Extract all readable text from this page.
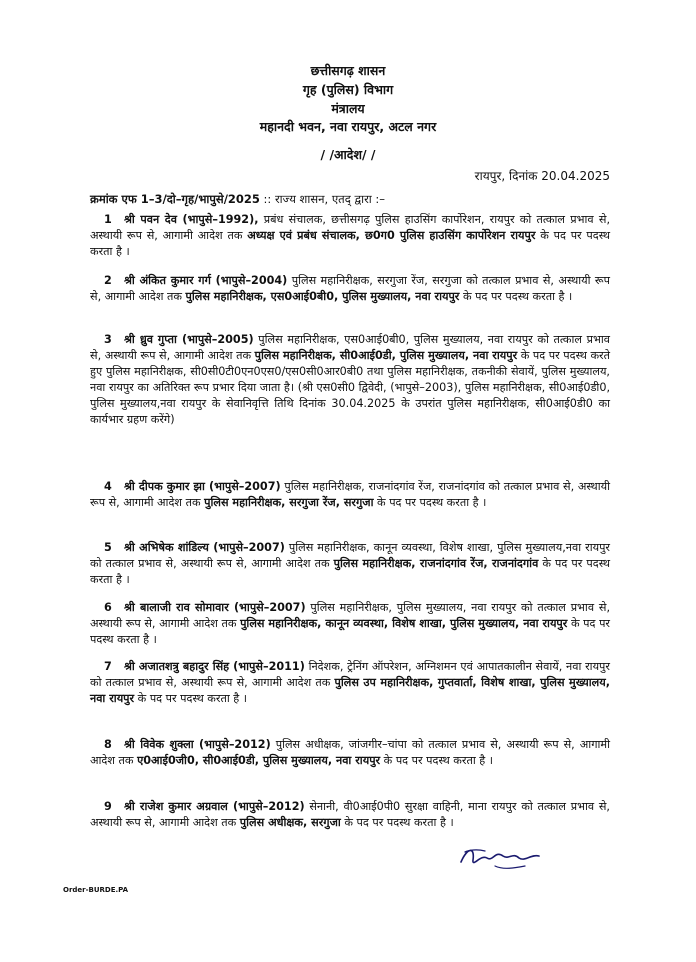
छत्तीसगढ़ शासन
गृह (पुलिस) विभाग
मंत्रालय
महानदी भवन, नवा रायपुर, अटल नगर
/ /आदेश/ /
रायपुर, दिनांक 20.04.2025
क्रमांक एफ 1–3/दो–गृह/भापुसे/2025 :: राज्य शासन, एतद् द्वारा :–

1 श्री पवन देव (भापुसे–1992), प्रबंध संचालक, छत्तीसगढ़ पुलिस हाउसिंग कार्पोरेशन, रायपुर को तत्काल प्रभाव से, अस्थायी रूप से, आगामी आदेश तक अध्यक्ष एवं प्रबंध संचालक, छ0ग0 पुलिस हाउसिंग कार्पोरेशन रायपुर के पद पर पदस्थ करता है ।

2 श्री अंकित कुमार गर्ग (भापुसे–2004) पुलिस महानिरीक्षक, सरगुजा रेंज, सरगुजा को तत्काल प्रभाव से, अस्थायी रूप से, आगामी आदेश तक पुलिस महानिरीक्षक, एस0आई0बी0, पुलिस मुख्यालय, नवा रायपुर के पद पर पदस्थ करता है ।

3 श्री ध्रुव गुप्ता (भापुसे–2005) पुलिस महानिरीक्षक, एस0आई0बी0, पुलिस मुख्यालय, नवा रायपुर को तत्काल प्रभाव से, अस्थायी रूप से, आगामी आदेश तक पुलिस महानिरीक्षक, सी0आई0डी, पुलिस मुख्यालय, नवा रायपुर के पद पर पदस्थ करते हुए पुलिस महानिरीक्षक, सी0सी0टी0एन0एस0/एस0सी0आर0बी0 तथा पुलिस महानिरीक्षक, तकनीकी सेवायें, पुलिस मुख्यालय, नवा रायपुर का अतिरिक्त रूप प्रभार दिया जाता है। (श्री एस0सी0 द्विवेदी, (भापुसे–2003), पुलिस महानिरीक्षक, सी0आई0डी0, पुलिस मुख्यालय,नवा रायपुर के सेवानिवृत्ति तिथि दिनांक 30.04.2025 के उपरांत पुलिस महानिरीक्षक, सी0आई0डी0 का कार्यभार ग्रहण करेंगे)

4 श्री दीपक कुमार झा (भापुसे–2007) पुलिस महानिरीक्षक, राजनांदगांव रेंज, राजनांदगांव को तत्काल प्रभाव से, अस्थायी रूप से, आगामी आदेश तक पुलिस महानिरीक्षक, सरगुजा रेंज, सरगुजा के पद पर पदस्थ करता है ।

5 श्री अभिषेक शांडिल्य (भापुसे–2007) पुलिस महानिरीक्षक, कानून व्यवस्था, विशेष शाखा, पुलिस मुख्यालय,नवा रायपुर को तत्काल प्रभाव से, अस्थायी रूप से, आगामी आदेश तक पुलिस महानिरीक्षक, राजनांदगांव रेंज, राजनांदगांव के पद पर पदस्थ करता है ।

6 श्री बालाजी राव सोमावार (भापुसे–2007) पुलिस महानिरीक्षक, पुलिस मुख्यालय, नवा रायपुर को तत्काल प्रभाव से, अस्थायी रूप से, आगामी आदेश तक पुलिस महानिरीक्षक, कानून व्यवस्था, विशेष शाखा, पुलिस मुख्यालय, नवा रायपुर के पद पर पदस्थ करता है ।

7 श्री अजातशत्रु बहादुर सिंह (भापुसे–2011) निदेशक, ट्रेनिंग ऑपरेशन, अग्निशमन एवं आपातकालीन सेवायें, नवा रायपुर को तत्काल प्रभाव से, अस्थायी रूप से, आगामी आदेश तक पुलिस उप महानिरीक्षक, गुप्तवार्ता, विशेष शाखा, पुलिस मुख्यालय, नवा रायपुर के पद पर पदस्थ करता है ।

8 श्री विवेक शुक्ला (भापुसे–2012) पुलिस अधीक्षक, जांजगीर–चांपा को तत्काल प्रभाव से, अस्थायी रूप से, आगामी आदेश तक ए0आई0जी0, सी0आई0डी, पुलिस मुख्यालय, नवा रायपुर के पद पर पदस्थ करता है ।

9 श्री राजेश कुमार अग्रवाल (भापुसे–2012) सेनानी, वी0आई0पी0 सुरक्षा वाहिनी, माना रायपुर को तत्काल प्रभाव से, अस्थायी रूप से, आगामी आदेश तक पुलिस अधीक्षक, सरगुजा के पद पर पदस्थ करता है ।

Order-BURDE.PA
